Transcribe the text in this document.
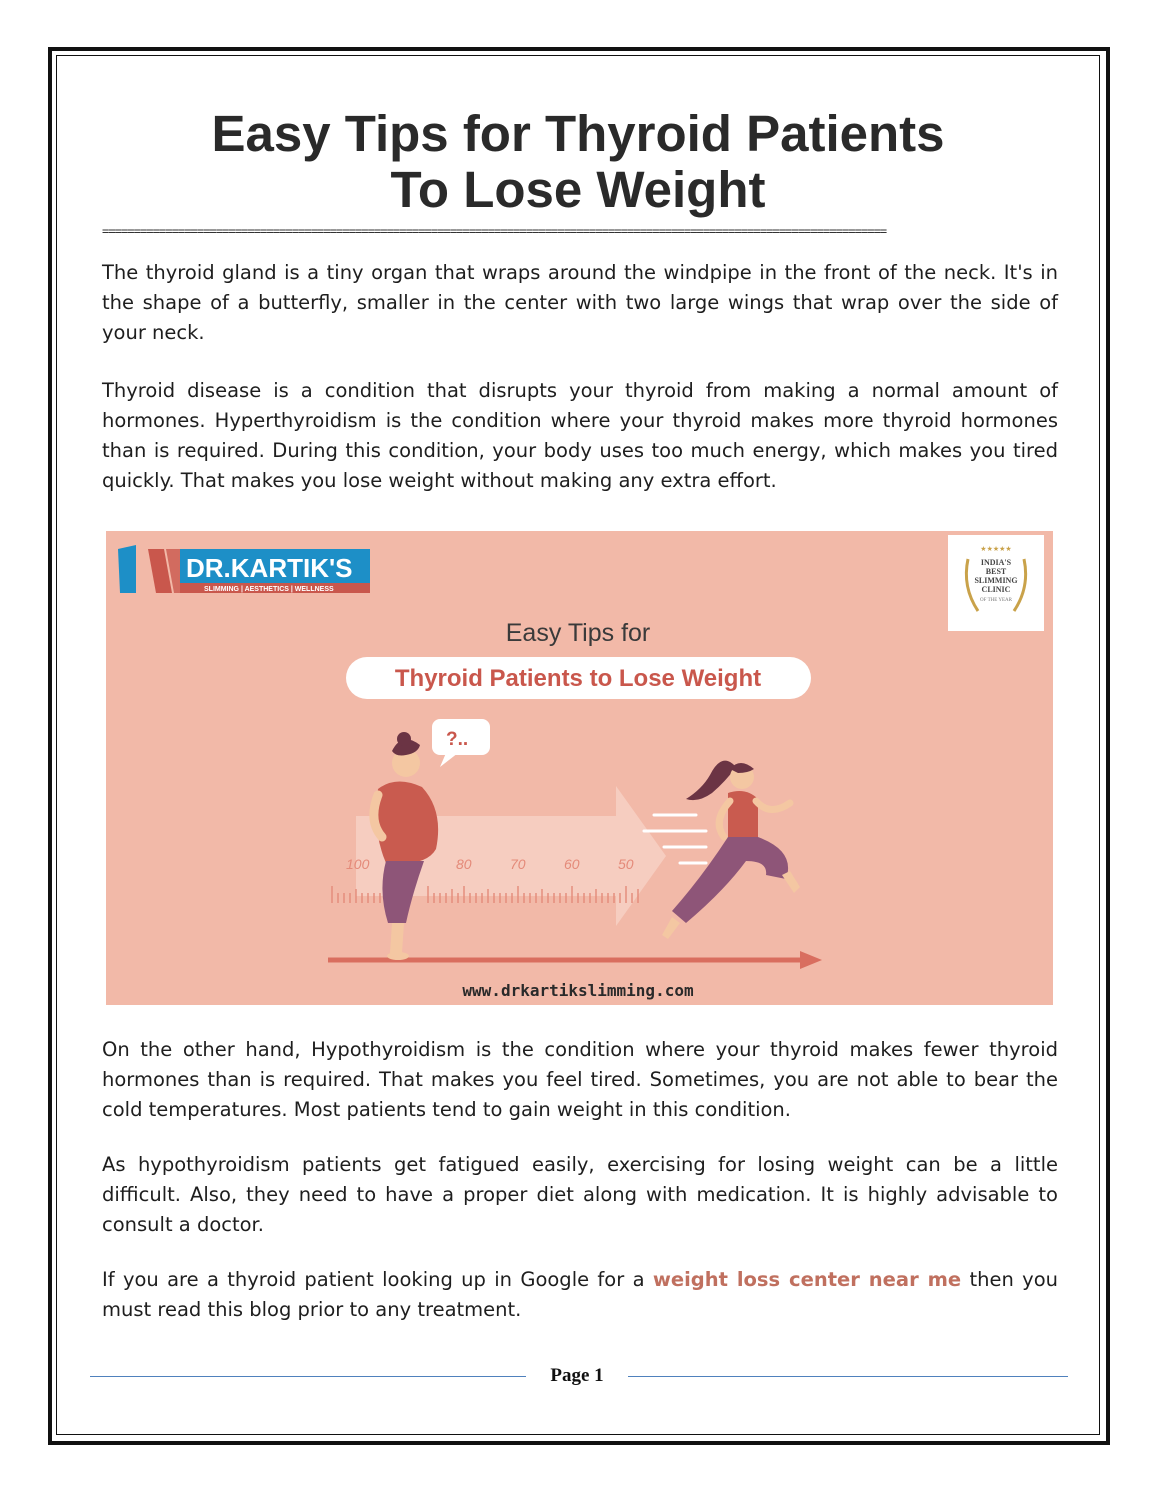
Easy Tips for Thyroid Patients
To Lose Weight
============================================================================================================================

The thyroid gland is a tiny organ that wraps around the windpipe in the front of the neck. It's in the shape of a butterfly, smaller in the center with two large wings that wrap over the side of your neck.

Thyroid disease is a condition that disrupts your thyroid from making a normal amount of hormones. Hyperthyroidism is the condition where your thyroid makes more thyroid hormones than is required. During this condition, your body uses too much energy, which makes you tired quickly. That makes you lose weight without making any extra effort.

DR.KARTIK'S
SLIMMING | AESTHETICS | WELLNESS
★★★★★
INDIA'S
BEST
SLIMMING
CLINIC
OF THE YEAR
Easy Tips for
Thyroid Patients to Lose Weight
100	80	70	60	50
?..
www.drkartikslimming.com

On the other hand, Hypothyroidism is the condition where your thyroid makes fewer thyroid hormones than is required. That makes you feel tired. Sometimes, you are not able to bear the cold temperatures. Most patients tend to gain weight in this condition.

As hypothyroidism patients get fatigued easily, exercising for losing weight can be a little difficult. Also, they need to have a proper diet along with medication. It is highly advisable to consult a doctor.

If you are a thyroid patient looking up in Google for a weight loss center near me then you must read this blog prior to any treatment.

Page 1
